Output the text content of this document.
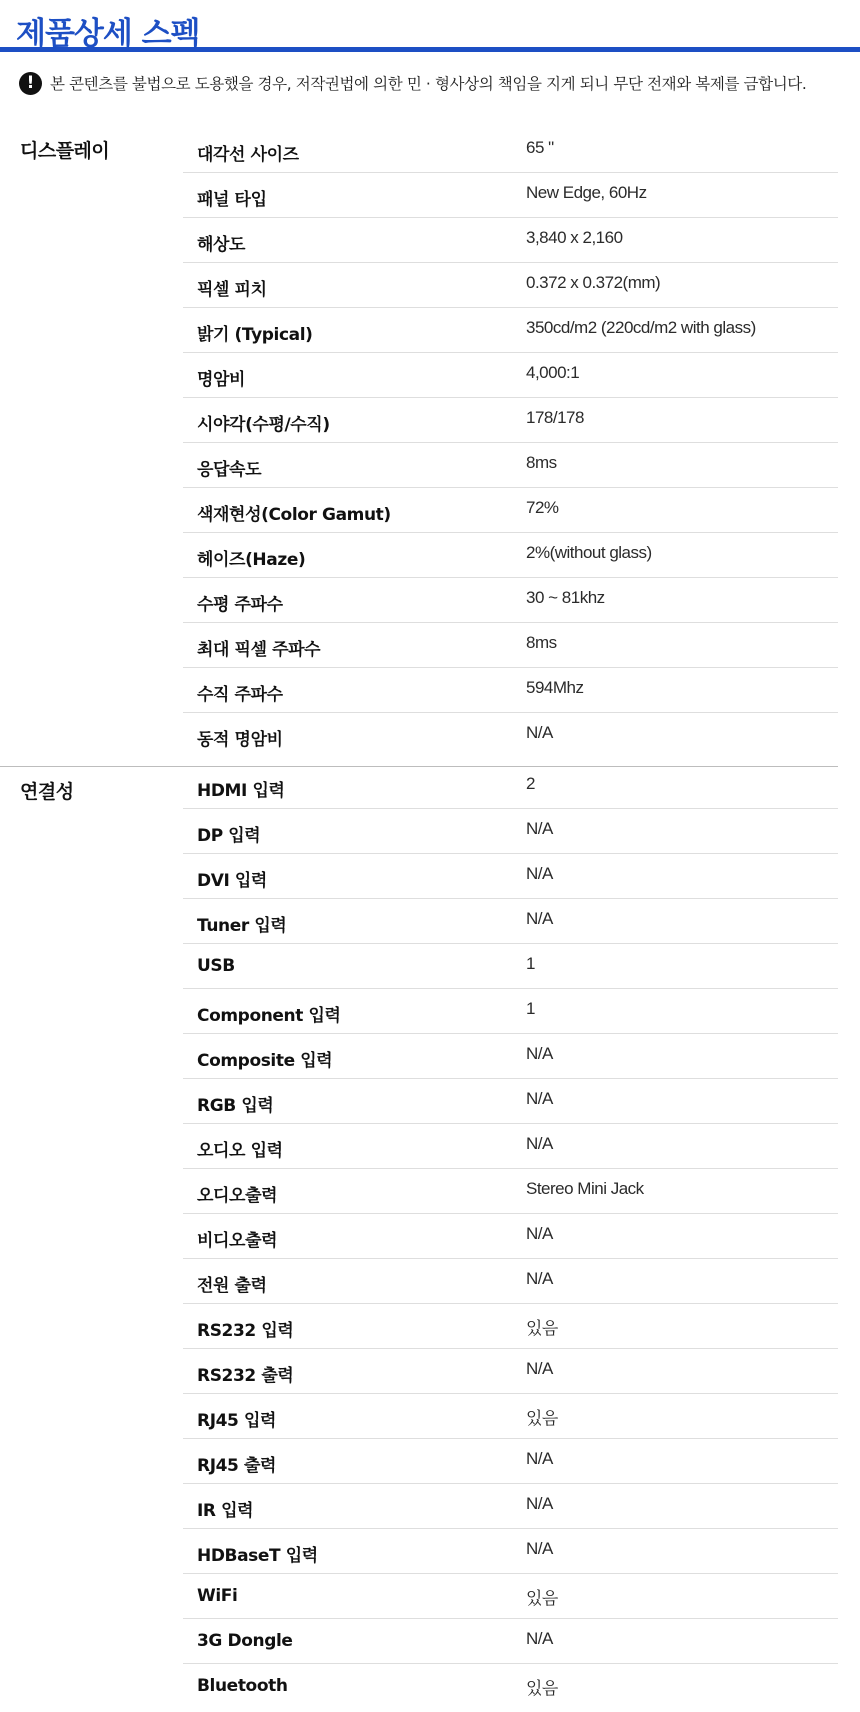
제품상세 스펙
!	본 콘텐츠를 불법으로 도용했을 경우, 저작권법에 의한 민 · 형사상의 책임을 지게 되니 무단 전재와 복제를 금합니다.
디스플레이	대각선 사이즈	65 "
패널 타입	New Edge, 60Hz
해상도	3,840 x 2,160
픽셀 피치	0.372 x 0.372(mm)
밝기 (Typical)	350cd/m2 (220cd/m2 with glass)
명암비	4,000:1
시야각(수평/수직)	178/178
응답속도	8ms
색재현성(Color Gamut)	72%
헤이즈(Haze)	2%(without glass)
수평 주파수	30 ~ 81khz
최대 픽셀 주파수	8ms
수직 주파수	594Mhz
동적 명암비	N/A
연결성	HDMI 입력	2
DP 입력	N/A
DVI 입력	N/A
Tuner 입력	N/A
USB	1
Component 입력	1
Composite 입력	N/A
RGB 입력	N/A
오디오 입력	N/A
오디오출력	Stereo Mini Jack
비디오출력	N/A
전원 출력	N/A
RS232 입력	있음
RS232 출력	N/A
RJ45 입력	있음
RJ45 출력	N/A
IR 입력	N/A
HDBaseT 입력	N/A
WiFi	있음
3G Dongle	N/A
Bluetooth	있음
